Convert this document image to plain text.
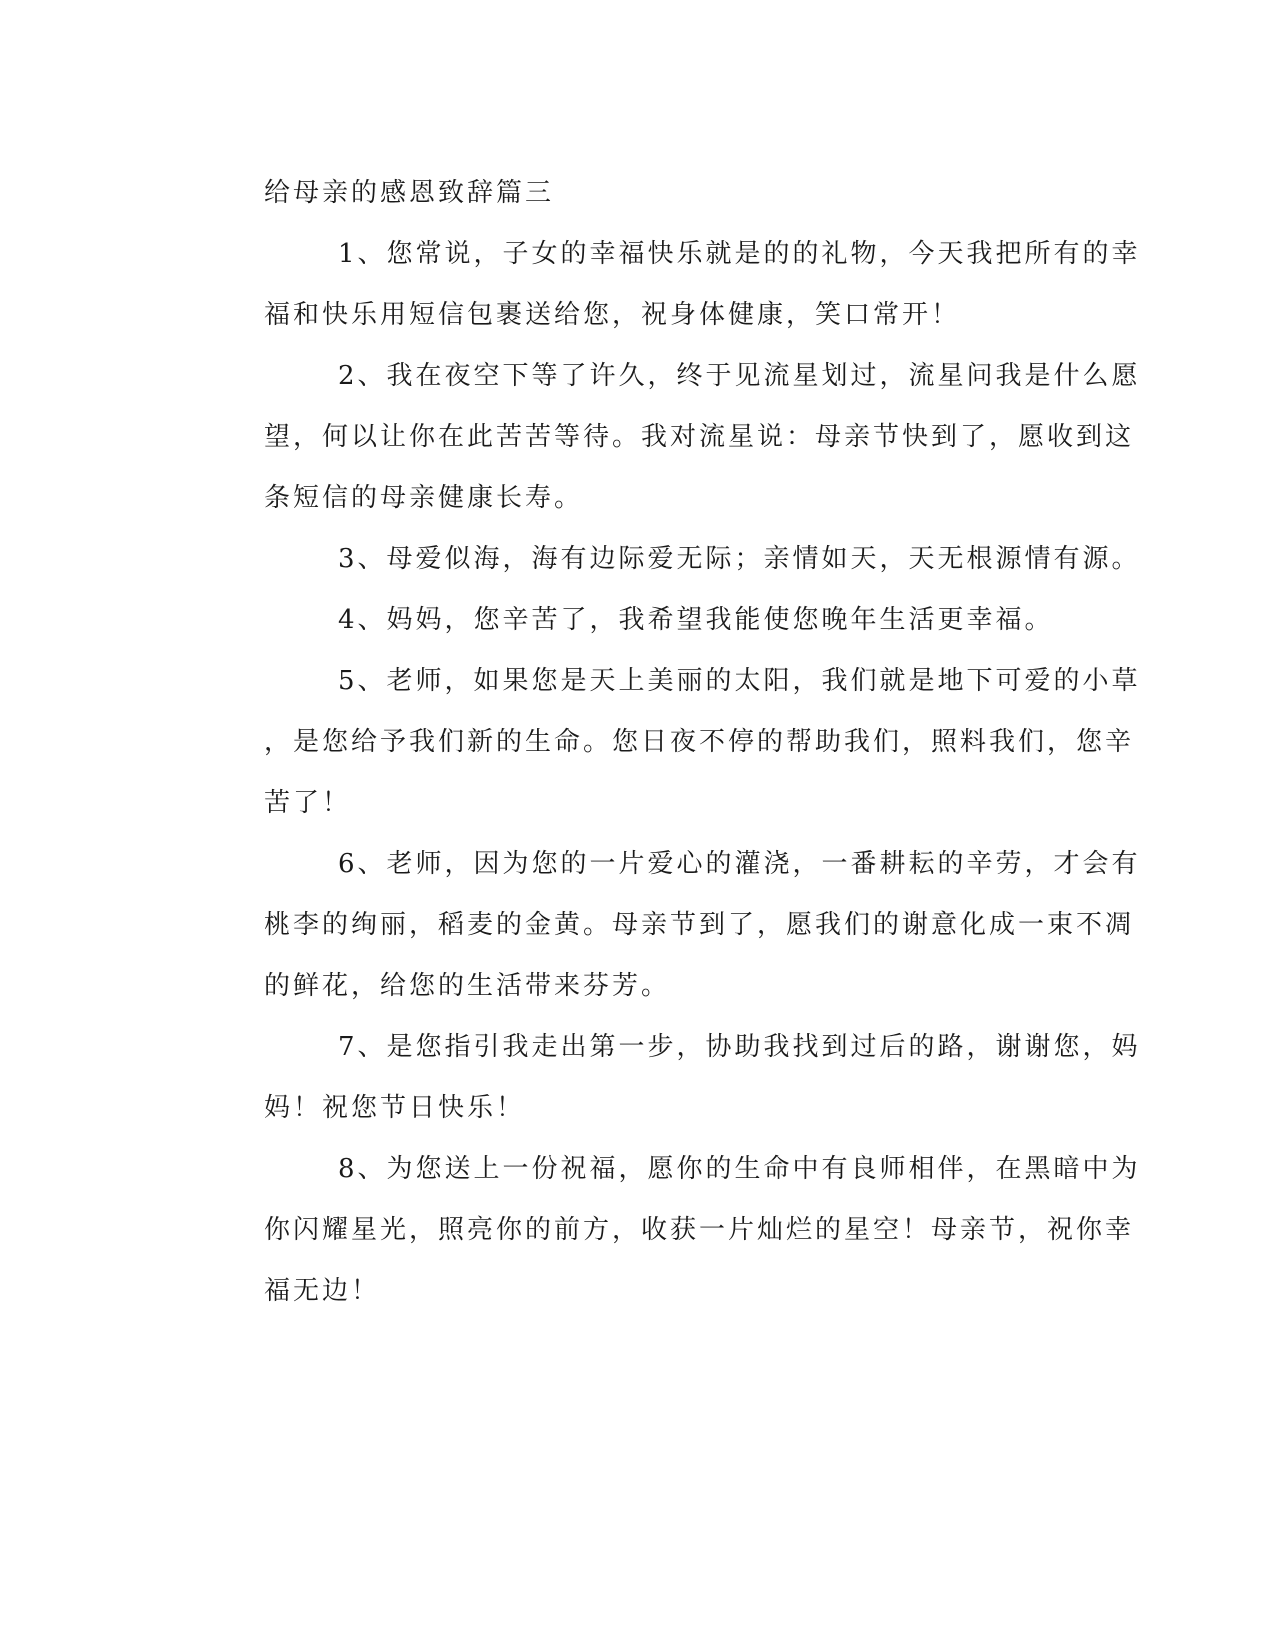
给母亲的感恩致辞篇三

1、您常说，子女的幸福快乐就是的的礼物，今天我把所有的幸
福和快乐用短信包裹送给您，祝身体健康，笑口常开！

2、我在夜空下等了许久，终于见流星划过，流星问我是什么愿
望，何以让你在此苦苦等待。我对流星说：母亲节快到了，愿收到这
条短信的母亲健康长寿。

3、母爱似海，海有边际爱无际；亲情如天，天无根源情有源。

4、妈妈，您辛苦了，我希望我能使您晚年生活更幸福。

5、老师，如果您是天上美丽的太阳，我们就是地下可爱的小草
，是您给予我们新的生命。您日夜不停的帮助我们，照料我们，您辛
苦了！

6、老师，因为您的一片爱心的灌浇，一番耕耘的辛劳，才会有
桃李的绚丽，稻麦的金黄。母亲节到了，愿我们的谢意化成一束不凋
的鲜花，给您的生活带来芬芳。

7、是您指引我走出第一步，协助我找到过后的路，谢谢您，妈
妈！祝您节日快乐！

8、为您送上一份祝福，愿你的生命中有良师相伴，在黑暗中为
你闪耀星光，照亮你的前方，收获一片灿烂的星空！母亲节，祝你幸
福无边！
